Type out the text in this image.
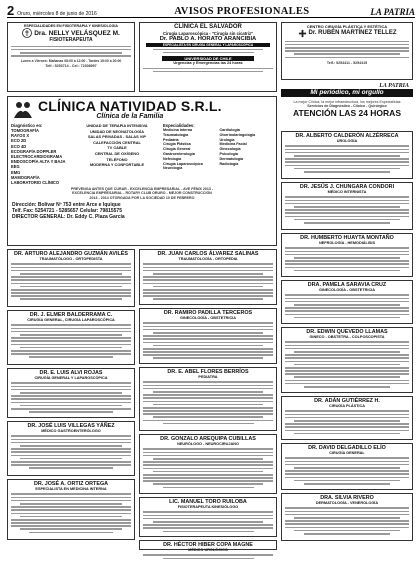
2 Oruro, miércoles 8 de junio de 2016	AVISOS PROFESIONALES	LA PATRIA
ESPECIALIDADES EN FISIOTERAPIA Y KINESIOLOGIA
Dra. NELLY VELÁSQUEZ M.
FISIOTERAPEUTA
Lunes a Viernes: Mañanas 08:00 a 12:00 - Tardes 15:00 a 20:00
Telf.: 5253714 - Cel.: 72308997
CLÍNICA EL SALVADOR
Cirugía Laparoscópica - "Cirugía sin cicatriz"
Dr. PABLO A. HORATO ARANCIBIA
ESPECIALISTA EN CIRUGÍA GENERAL Y LAPAROSCÓPICA
UNIVERSIDAD DE CHILE
Urgencias y Emergencias las 24 horas
CENTRO CIRUGÍA PLÁSTICA Y ESTÉTICA
Dr. RUBÉN MARTÍNEZ TELLEZ
Telf.: 5254411 - 5254415
LA PATRIA
Mi periódico, mi orgullo
CLÍNICA NATIVIDAD S.R.L.
Clínica de la Familia
Diagnóstico en:
TOMOGRAFÍA
RAYOS X
ECO 2D
ECO 4D
ECOGRAFÍA DOPPLER
ELECTROCARDIOGRAMA
ENDOSCOPÍA ALTA Y BAJA
EEG
EMG
MAMOGRAFÍA
LABORATORIO CLÍNICO
UNIDAD DE TERAPIA INTENSIVA
UNIDAD DE NEONATOLOGÍA
SALAS PRIVADAS - SALAS VIP
CALEFACCIÓN CENTRAL
TV CABLE
CENTRAL DE OXÍGENO
TELÉFONO
MODERNA Y CONFORTABLE
Especialidades:
Medicina Interna
Traumatología
Pediatría
Cirugía Plástica
Cirugía General
Gastroenterología
Nefrología
Cirugía Laparoscópica
Neurología
Cardiología
Otorrinolaringología
Urología
Medicina Facial
Ginecología
Psicología
Dermatología
Radiología
PREVENGA ANTES QUE CURAR - EXCELENCIA EMPRESARIAL - AVE FÉNIX 2013 - EXCELENCIA EMPRESARIAL - ROTARY CLUB ORURO - MEJOR CONSTRUCCIÓN 2013 - 2014 OTORGADA POR LA SOCIEDAD 10 DE FEBRERO
Dirección: Bolívar Nº 753 entre Arce e Iquique
Telf. Fax: 5254721 - 5285657 Celular: 79815575
DIRECTOR GENERAL: Dr. Eddy C. Plaza García
La mejor Clínica, la mejor infraestructura, los mejores Especialistas
Servicios de Diagnóstico - Clínico - Quirúrgico
ATENCIÓN LAS 24 HORAS
DR. ARTURO ALEJANDRO GUZMÁN AVILÉS
TRAUMATÓLOGO - ORTOPEDISTA
DR. J. ELMER BALDERRAMA C.
CIRUGÍA GENERAL, CIRUGÍA LAPAROSCÓPICA
DR. E. LUIS ALVI ROJAS
CIRUGÍA GENERAL Y LAPAROSCÓPICA
DR. JOSÉ LUIS VILLEGAS YÁÑEZ
MÉDICO GASTROENTERÓLOGO
DR. JOSÉ A. ORTIZ ORTEGA
ESPECIALISTA EN MEDICINA INTERNA
DR. JUAN CARLOS ÁLVAREZ SALINAS
TRAUMATOLOGÍA - ORTOPEDIA
DR. RAMIRO PADILLA TERCEROS
GINECOLOGÍA - OBSTETRICIA
DR. E. ABEL FLORES BERRÍOS
PEDIATRA
DR. GONZALO AREQUIPA CUBILLAS
NEURÓLOGO - NEUROCIRUJANO
LIC. MANUEL TORO RUILOBA
FISIOTERAPEUTA KINESIÓLOGO
DR. HÉCTOR HIBER COPA MAGNE
MÉDICO UROLÓGICO
DR. ALBERTO CALDERÓN ALZÉRRECA
UROLOGÍA
DR. JESÚS J. CHUNGARA CONDORI
MÉDICO INTERNISTA
DR. HUMBERTO HUAYTA MONTAÑO
NEFROLOGÍA - HEMODIÁLISIS
DRA. PAMELA SARAVIA CRUZ
GINECOLOGÍA - OBSTETRICIA
DR. EDWIN QUEVEDO LLAMAS
GINECO - OBSTETRA - COLPOSCOPISTA
DR. ADÁN GUTIÉRREZ H.
CIRUGÍA PLÁSTICA
DR. DAVID DELGADILLO ELÍO
CIRUGÍA GENERAL
DRA. SILVIA RIVERO
DERMATOLOGÍA - VENEROLOGÍA
